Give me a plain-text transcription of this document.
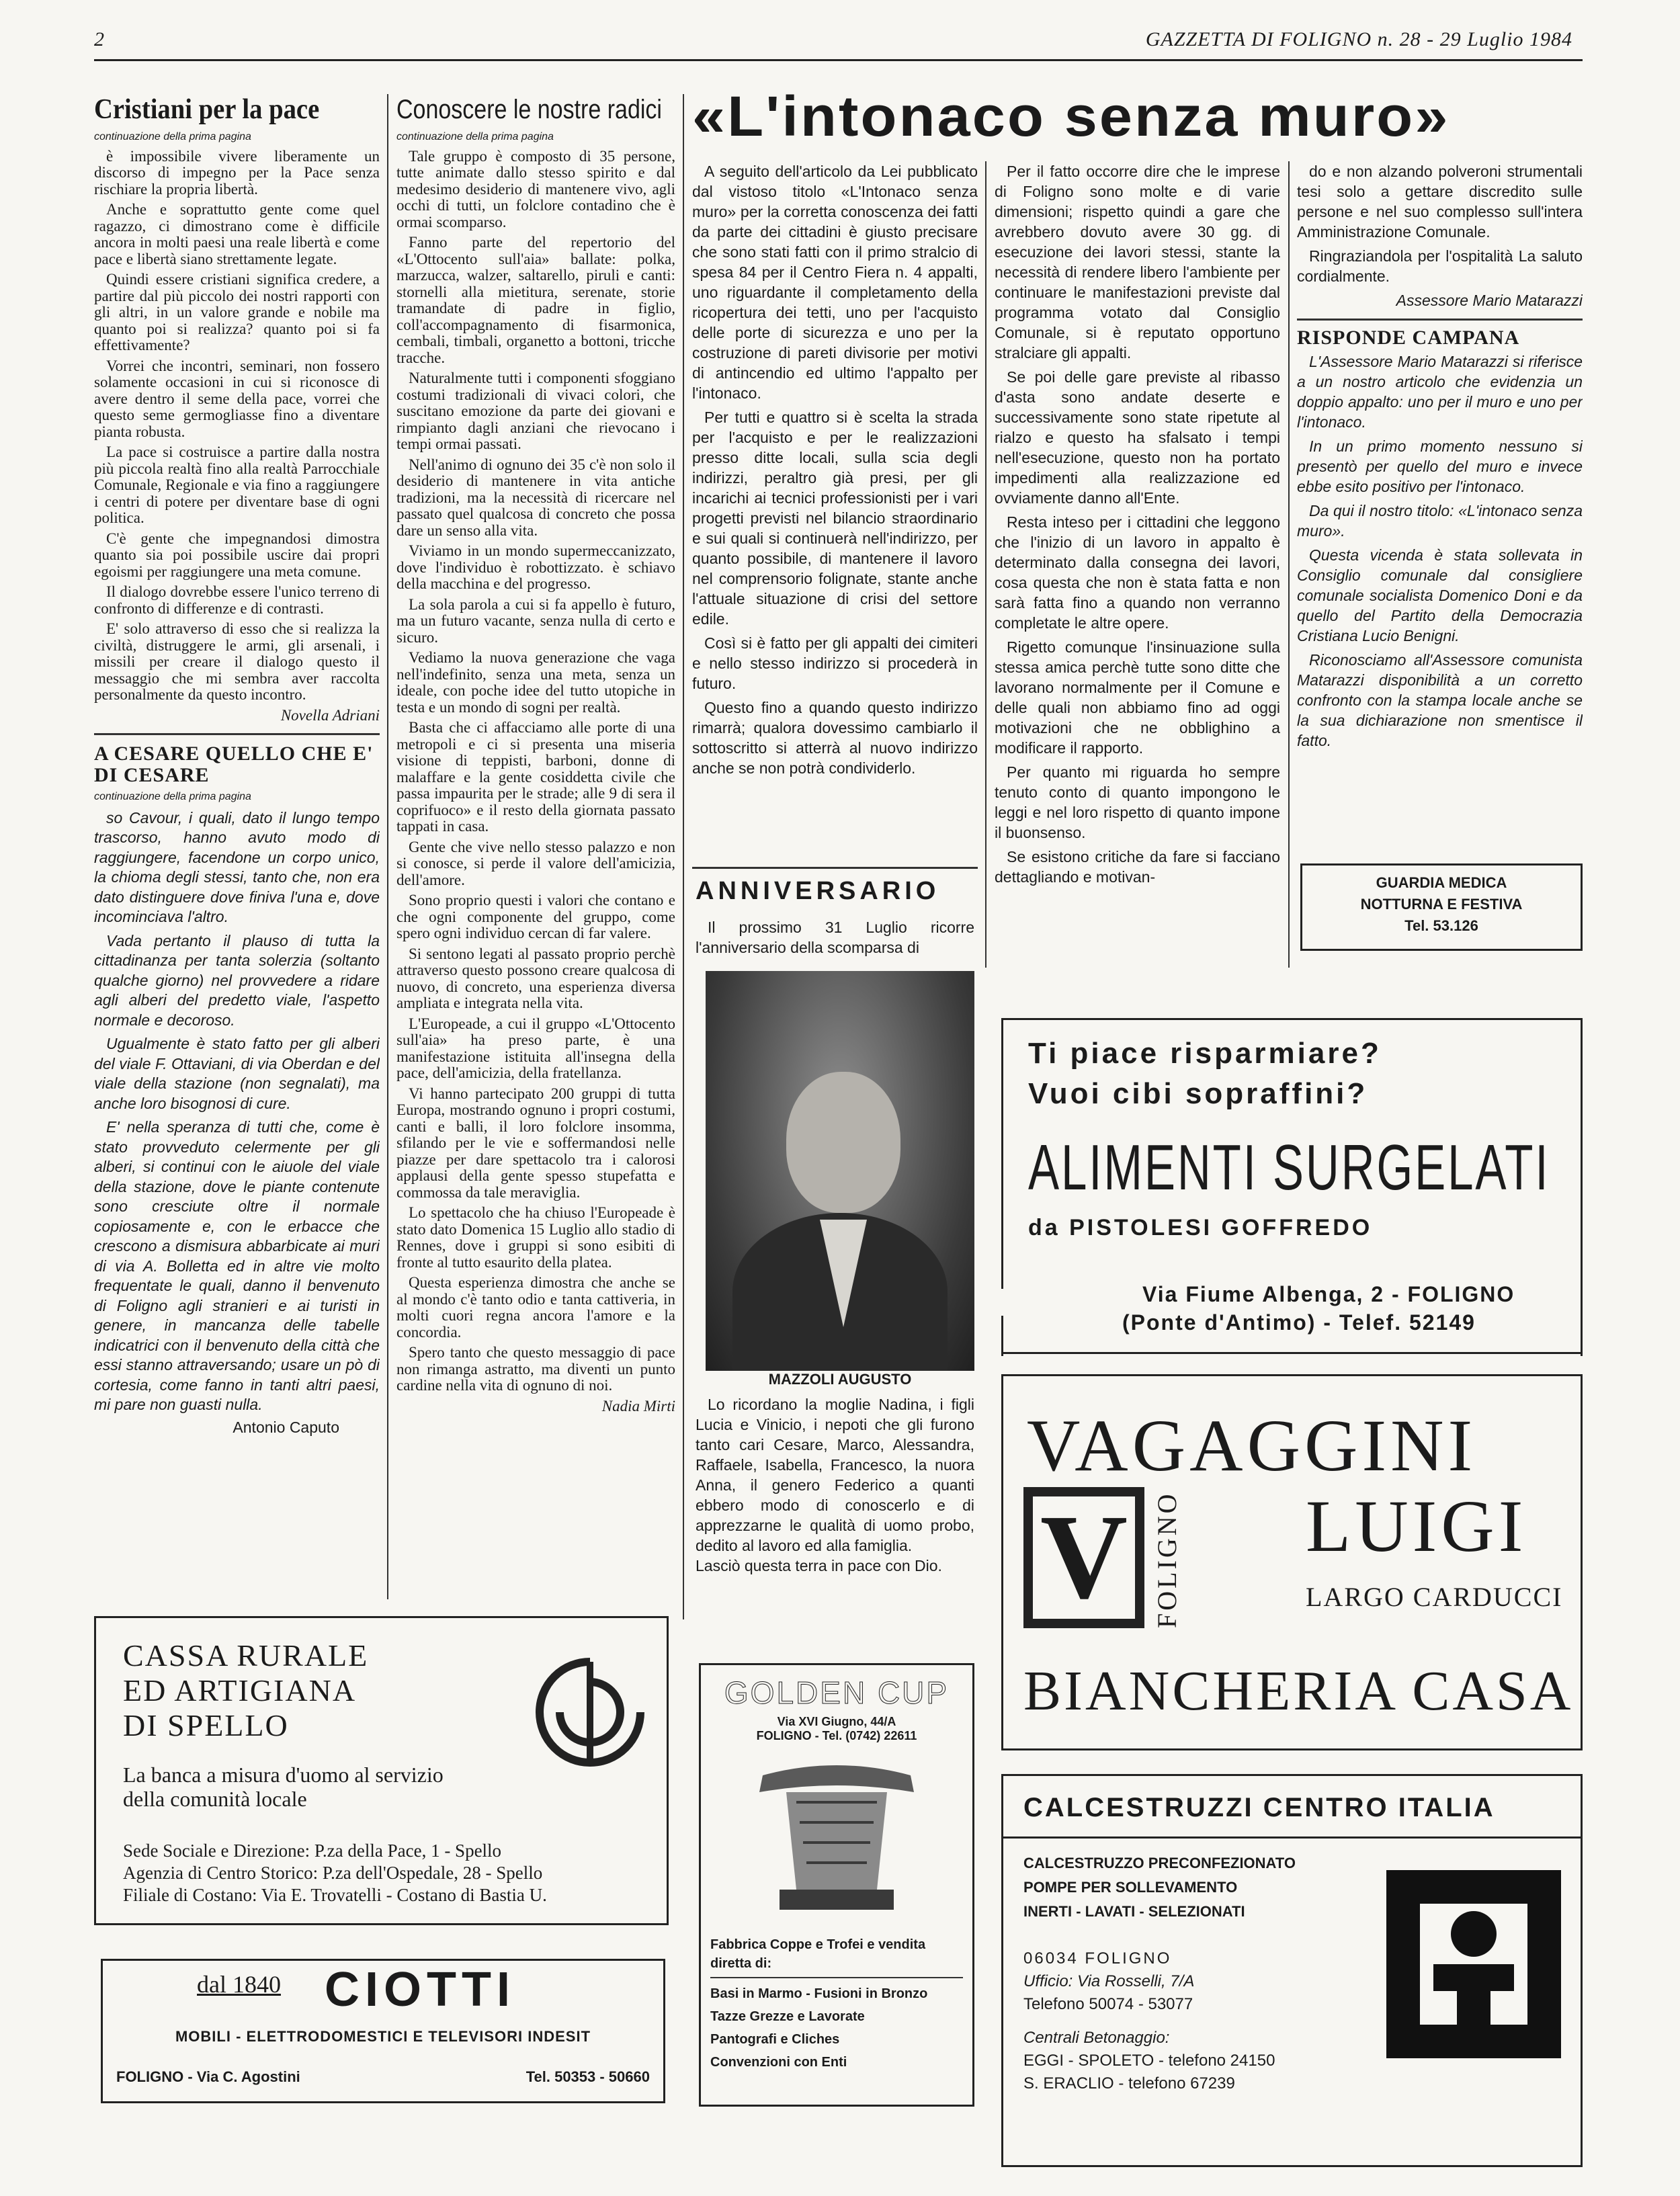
2	GAZZETTA DI FOLIGNO n. 28 - 29 Luglio 1984
Cristiani per la pace
continuazione della prima pagina

è impossibile vivere liberamente un discorso di impegno per la Pace senza rischiare la propria libertà.

Anche e soprattutto gente come quel ragazzo, ci dimostrano come è difficile ancora in molti paesi una reale libertà e come pace e libertà siano strettamente legate.

Quindi essere cristiani significa credere, a partire dal più piccolo dei nostri rapporti con gli altri, in un valore grande e nobile ma quanto poi si realizza? quanto poi si fa effettivamente?

Vorrei che incontri, seminari, non fossero solamente occasioni in cui si riconosce di avere dentro il seme della pace, vorrei che questo seme germogliasse fino a diventare pianta robusta.

La pace si costruisce a partire dalla nostra più piccola realtà fino alla realtà Parrocchiale Comunale, Regionale e via fino a raggiungere i centri di potere per diventare base di ogni politica.

C'è gente che impegnandosi dimostra quanto sia poi possibile uscire dai propri egoismi per raggiungere una meta comune.

Il dialogo dovrebbe essere l'unico terreno di confronto di differenze e di contrasti.

E' solo attraverso di esso che si realizza la civiltà, distruggere le armi, gli arsenali, i missili per creare il dialogo questo il messaggio che mi sembra aver raccolta personalmente da questo incontro.

Novella Adriani
A CESARE QUELLO CHE E' DI CESARE
continuazione della prima pagina

so Cavour, i quali, dato il lungo tempo trascorso, hanno avuto modo di raggiungere, facendone un corpo unico, la chioma degli stessi, tanto che, non era dato distinguere dove finiva l'una e, dove incominciava l'altro.

Vada pertanto il plauso di tutta la cittadinanza per tanta solerzia (soltanto qualche giorno) nel provvedere a ridare agli alberi del predetto viale, l'aspetto normale e decoroso.

Ugualmente è stato fatto per gli alberi del viale F. Ottaviani, di via Oberdan e del viale della stazione (non segnalati), ma anche loro bisognosi di cure.

E' nella speranza di tutti che, come è stato provveduto celermente per gli alberi, si continui con le aiuole del viale della stazione, dove le piante contenute sono cresciute oltre il normale copiosamente e, con le erbacce che crescono a dismisura abbarbicate ai muri di via A. Bolletta ed in altre vie molto frequentate le quali, danno il benvenuto di Foligno agli stranieri e ai turisti in genere, in mancanza delle tabelle indicatrici con il benvenuto della città che essi stanno attraversando; usare un pò di cortesia, come fanno in tanti altri paesi, mi pare non guasti nulla.

Antonio Caputo
Conoscere le nostre radici
continuazione della prima pagina

Tale gruppo è composto di 35 persone, tutte animate dallo stesso spirito e dal medesimo desiderio di mantenere vivo, agli occhi di tutti, un folclore contadino che è ormai scomparso.

Fanno parte del repertorio del «L'Ottocento sull'aia» ballate: polka, marzucca, walzer, saltarello, piruli e canti: stornelli alla mietitura, serenate, storie tramandate di padre in figlio, coll'accompagnamento di fisarmonica, cembali, timbali, organetto a bottoni, tricche tracche.

Naturalmente tutti i componenti sfoggiano costumi tradizionali di vivaci colori, che suscitano emozione da parte dei giovani e rimpianto dagli anziani che rievocano i tempi ormai passati.

Nell'animo di ognuno dei 35 c'è non solo il desiderio di mantenere in vita antiche tradizioni, ma la necessità di ricercare nel passato quel qualcosa di concreto che possa dare un senso alla vita.

Viviamo in un mondo supermeccanizzato, dove l'individuo è robottizzato. è schiavo della macchina e del progresso.

La sola parola a cui si fa appello è futuro, ma un futuro vacante, senza nulla di certo e sicuro.

Vediamo la nuova generazione che vaga nell'indefinito, senza una meta, senza un ideale, con poche idee del tutto utopiche in testa e un mondo di sogni per realtà.

Basta che ci affacciamo alle porte di una metropoli e ci si presenta una miseria visione di teppisti, barboni, donne di malaffare e la gente cosiddetta civile che passa impaurita per le strade; alle 9 di sera il coprifuoco» e il resto della giornata passato tappati in casa.

Gente che vive nello stesso palazzo e non si conosce, si perde il valore dell'amicizia, dell'amore.

Sono proprio questi i valori che contano e che ogni componente del gruppo, come spero ogni individuo cercan di far valere.

Si sentono legati al passato proprio perchè attraverso questo possono creare qualcosa di nuovo, di concreto, una esperienza diversa ampliata e integrata nella vita.

L'Europeade, a cui il gruppo «L'Ottocento sull'aia» ha preso parte, è una manifestazione istituita all'insegna della pace, dell'amicizia, della fratellanza.

Vi hanno partecipato 200 gruppi di tutta Europa, mostrando ognuno i propri costumi, canti e balli, il loro folclore insomma, sfilando per le vie e soffermandosi nelle piazze per dare spettacolo tra i calorosi applausi della gente spesso stupefatta e commossa da tale meraviglia.

Lo spettacolo che ha chiuso l'Europeade è stato dato Domenica 15 Luglio allo stadio di Rennes, dove i gruppi si sono esibiti di fronte al tutto esaurito della platea.

Questa esperienza dimostra che anche se al mondo c'è tanto odio e tanta cattiveria, in molti cuori regna ancora l'amore e la concordia.

Spero tanto che questo messaggio di pace non rimanga astratto, ma diventi un punto cardine nella vita di ognuno di noi.

Nadia Mirti
«L'intonaco senza muro»

A seguito dell'articolo da Lei pubblicato dal vistoso titolo «L'Intonaco senza muro» per la corretta conoscenza dei fatti da parte dei cittadini è giusto precisare che sono stati fatti con il primo stralcio di spesa 84 per il Centro Fiera n. 4 appalti, uno riguardante il completamento della ricopertura dei tetti, uno per l'acquisto delle porte di sicurezza e uno per la costruzione di pareti divisorie per motivi di antincendio ed ultimo l'appalto per l'intonaco.

Per tutti e quattro si è scelta la strada per l'acquisto e per le realizzazioni presso ditte locali, sulla scia degli indirizzi, peraltro già presi, per gli incarichi ai tecnici professionisti per i vari progetti previsti nel bilancio straordinario e sui quali si continuerà nell'indirizzo, per quanto possibile, di mantenere il lavoro nel comprensorio folignate, stante anche l'attuale situazione di crisi del settore edile.

Così si è fatto per gli appalti dei cimiteri e nello stesso indirizzo si procederà in futuro.

Questo fino a quando questo indirizzo rimarrà; qualora dovessimo cambiarlo il sottoscritto si atterrà al nuovo indirizzo anche se non potrà condividerlo.

Per il fatto occorre dire che le imprese di Foligno sono molte e di varie dimensioni; rispetto quindi a gare che avrebbero dovuto avere 30 gg. di esecuzione dei lavori stessi, stante la necessità di rendere libero l'ambiente per continuare le manifestazioni previste dal programma votato dal Consiglio Comunale, si è reputato opportuno stralciare gli appalti.

Se poi delle gare previste al ribasso d'asta sono andate deserte e successivamente sono state ripetute al rialzo e questo ha sfalsato i tempi nell'esecuzione, questo non ha portato impedimenti alla realizzazione ed ovviamente danno all'Ente.

Resta inteso per i cittadini che leggono che l'inizio di un lavoro in appalto è determinato dalla consegna dei lavori, cosa questa che non è stata fatta e non sarà fatta fino a quando non verranno completate le altre opere.

Rigetto comunque l'insinuazione sulla stessa amica perchè tutte sono ditte che lavorano normalmente per il Comune e delle quali non abbiamo fino ad oggi motivazioni che ne obblighino a modificare il rapporto.

Per quanto mi riguarda ho sempre tenuto conto di quanto impongono le leggi e nel loro rispetto di quanto impone il buonsenso.

Se esistono critiche da fare si facciano dettagliando e motivan-

do e non alzando polveroni strumentali tesi solo a gettare discredito sulle persone e nel suo complesso sull'intera Amministrazione Comunale.

Ringraziandola per l'ospitalità La saluto cordialmente.

Assessore Mario Matarazzi
RISPONDE CAMPANA

L'Assessore Mario Matarazzi si riferisce a un nostro articolo che evidenzia un doppio appalto: uno per il muro e uno per l'intonaco.

In un primo momento nessuno si presentò per quello del muro e invece ebbe esito positivo per l'intonaco.

Da qui il nostro titolo: «L'intonaco senza muro».

Questa vicenda è stata sollevata in Consiglio comunale dal consigliere comunale socialista Domenico Doni e da quello del Partito della Democrazia Cristiana Lucio Benigni.

Riconosciamo all'Assessore comunista Matarazzi disponibilità a un corretto confronto con la stampa locale anche se la sua dichiarazione non smentisce il fatto.

GUARDIA MEDICA
NOTTURNA E FESTIVA
Tel. 53.126
ANNIVERSARIO
Il prossimo 31 Luglio ricorre l'anniversario della scomparsa di
MAZZOLI AUGUSTO
Lo ricordano la moglie Nadina, i figli Lucia e Vinicio, i nepoti che gli furono tanto cari Cesare, Marco, Alessandra, Raffaele, Isabella, Francesco, la nuora Anna, il genero Federico a quanti ebbero modo di conoscerlo e di apprezzarne le qualità di uomo probo, dedito al lavoro ed alla famiglia.
Lasciò questa terra in pace con Dio.
GOLDEN CUP
Via XVI Giugno, 44/A
FOLIGNO - Tel. (0742) 22611
Fabbrica Coppe e Trofei e vendita
diretta di:
Basi in Marmo - Fusioni in Bronzo
Tazze Grezze e Lavorate
Pantografi e Cliches
Convenzioni con Enti
Ti piace risparmiare?
Vuoi cibi sopraffini?
ALIMENTI SURGELATI
da PISTOLESI GOFFREDO
Via Fiume Albenga, 2 - FOLIGNO
(Ponte d'Antimo) - Telef. 52149
VAGAGGINI
V FOLIGNO LUIGI
LARGO CARDUCCI
BIANCHERIA CASA
CALCESTRUZZI CENTRO ITALIA
CALCESTRUZZO PRECONFEZIONATO
POMPE PER SOLLEVAMENTO
INERTI - LAVATI - SELEZIONATI
06034 FOLIGNO
Ufficio: Via Rosselli, 7/A
Telefono 50074 - 53077
Centrali Betonaggio:
EGGI - SPOLETO - telefono 24150
S. ERACLIO - telefono 67239
CASSA RURALE
ED ARTIGIANA
DI SPELLO
La banca a misura d'uomo al servizio
della comunità locale
Sede Sociale e Direzione: P.za della Pace, 1 - Spello
Agenzia di Centro Storico: P.za dell'Ospedale, 28 - Spello
Filiale di Costano: Via E. Trovatelli - Costano di Bastia U.
dal 1840 CIOTTI
MOBILI - ELETTRODOMESTICI E TELEVISORI INDESIT
FOLIGNO - Via C. Agostini	Tel. 50353 - 50660
